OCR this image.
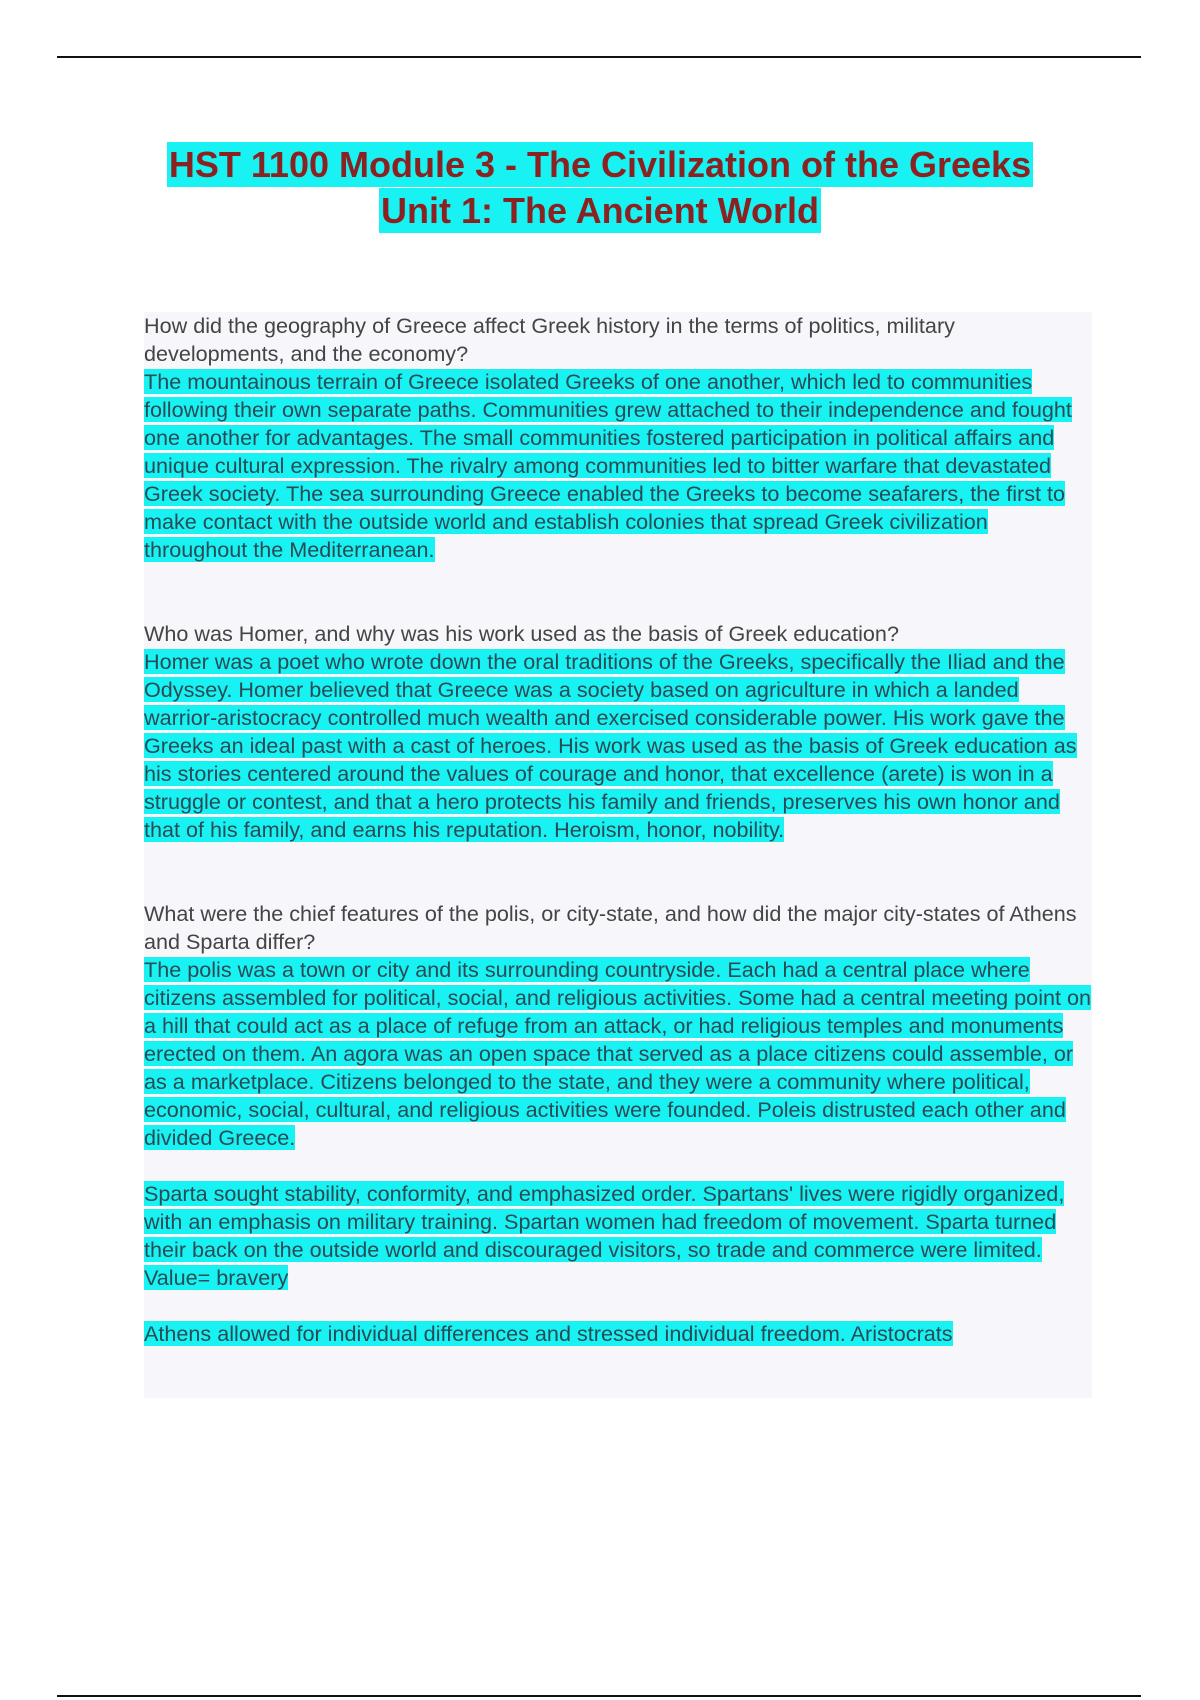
HST 1100 Module 3 - The Civilization of the Greeks
Unit 1: The Ancient World
How did the geography of Greece affect Greek history in the terms of politics, military developments, and the economy?
The mountainous terrain of Greece isolated Greeks of one another, which led to communities following their own separate paths. Communities grew attached to their independence and fought one another for advantages. The small communities fostered participation in political affairs and unique cultural expression. The rivalry among communities led to bitter warfare that devastated Greek society. The sea surrounding Greece enabled the Greeks to become seafarers, the first to make contact with the outside world and establish colonies that spread Greek civilization throughout the Mediterranean.
Who was Homer, and why was his work used as the basis of Greek education?
Homer was a poet who wrote down the oral traditions of the Greeks, specifically the Iliad and the Odyssey. Homer believed that Greece was a society based on agriculture in which a landed warrior-aristocracy controlled much wealth and exercised considerable power. His work gave the Greeks an ideal past with a cast of heroes. His work was used as the basis of Greek education as his stories centered around the values of courage and honor, that excellence (arete) is won in a struggle or contest, and that a hero protects his family and friends, preserves his own honor and that of his family, and earns his reputation. Heroism, honor, nobility.
What were the chief features of the polis, or city-state, and how did the major city-states of Athens and Sparta differ?
The polis was a town or city and its surrounding countryside. Each had a central place where citizens assembled for political, social, and religious activities. Some had a central meeting point on a hill that could act as a place of refuge from an attack, or had religious temples and monuments erected on them. An agora was an open space that served as a place citizens could assemble, or as a marketplace. Citizens belonged to the state, and they were a community where political, economic, social, cultural, and religious activities were founded. Poleis distrusted each other and divided Greece.
Sparta sought stability, conformity, and emphasized order. Spartans' lives were rigidly organized, with an emphasis on military training. Spartan women had freedom of movement. Sparta turned their back on the outside world and discouraged visitors, so trade and commerce were limited. Value= bravery
Athens allowed for individual differences and stressed individual freedom. Aristocrats
